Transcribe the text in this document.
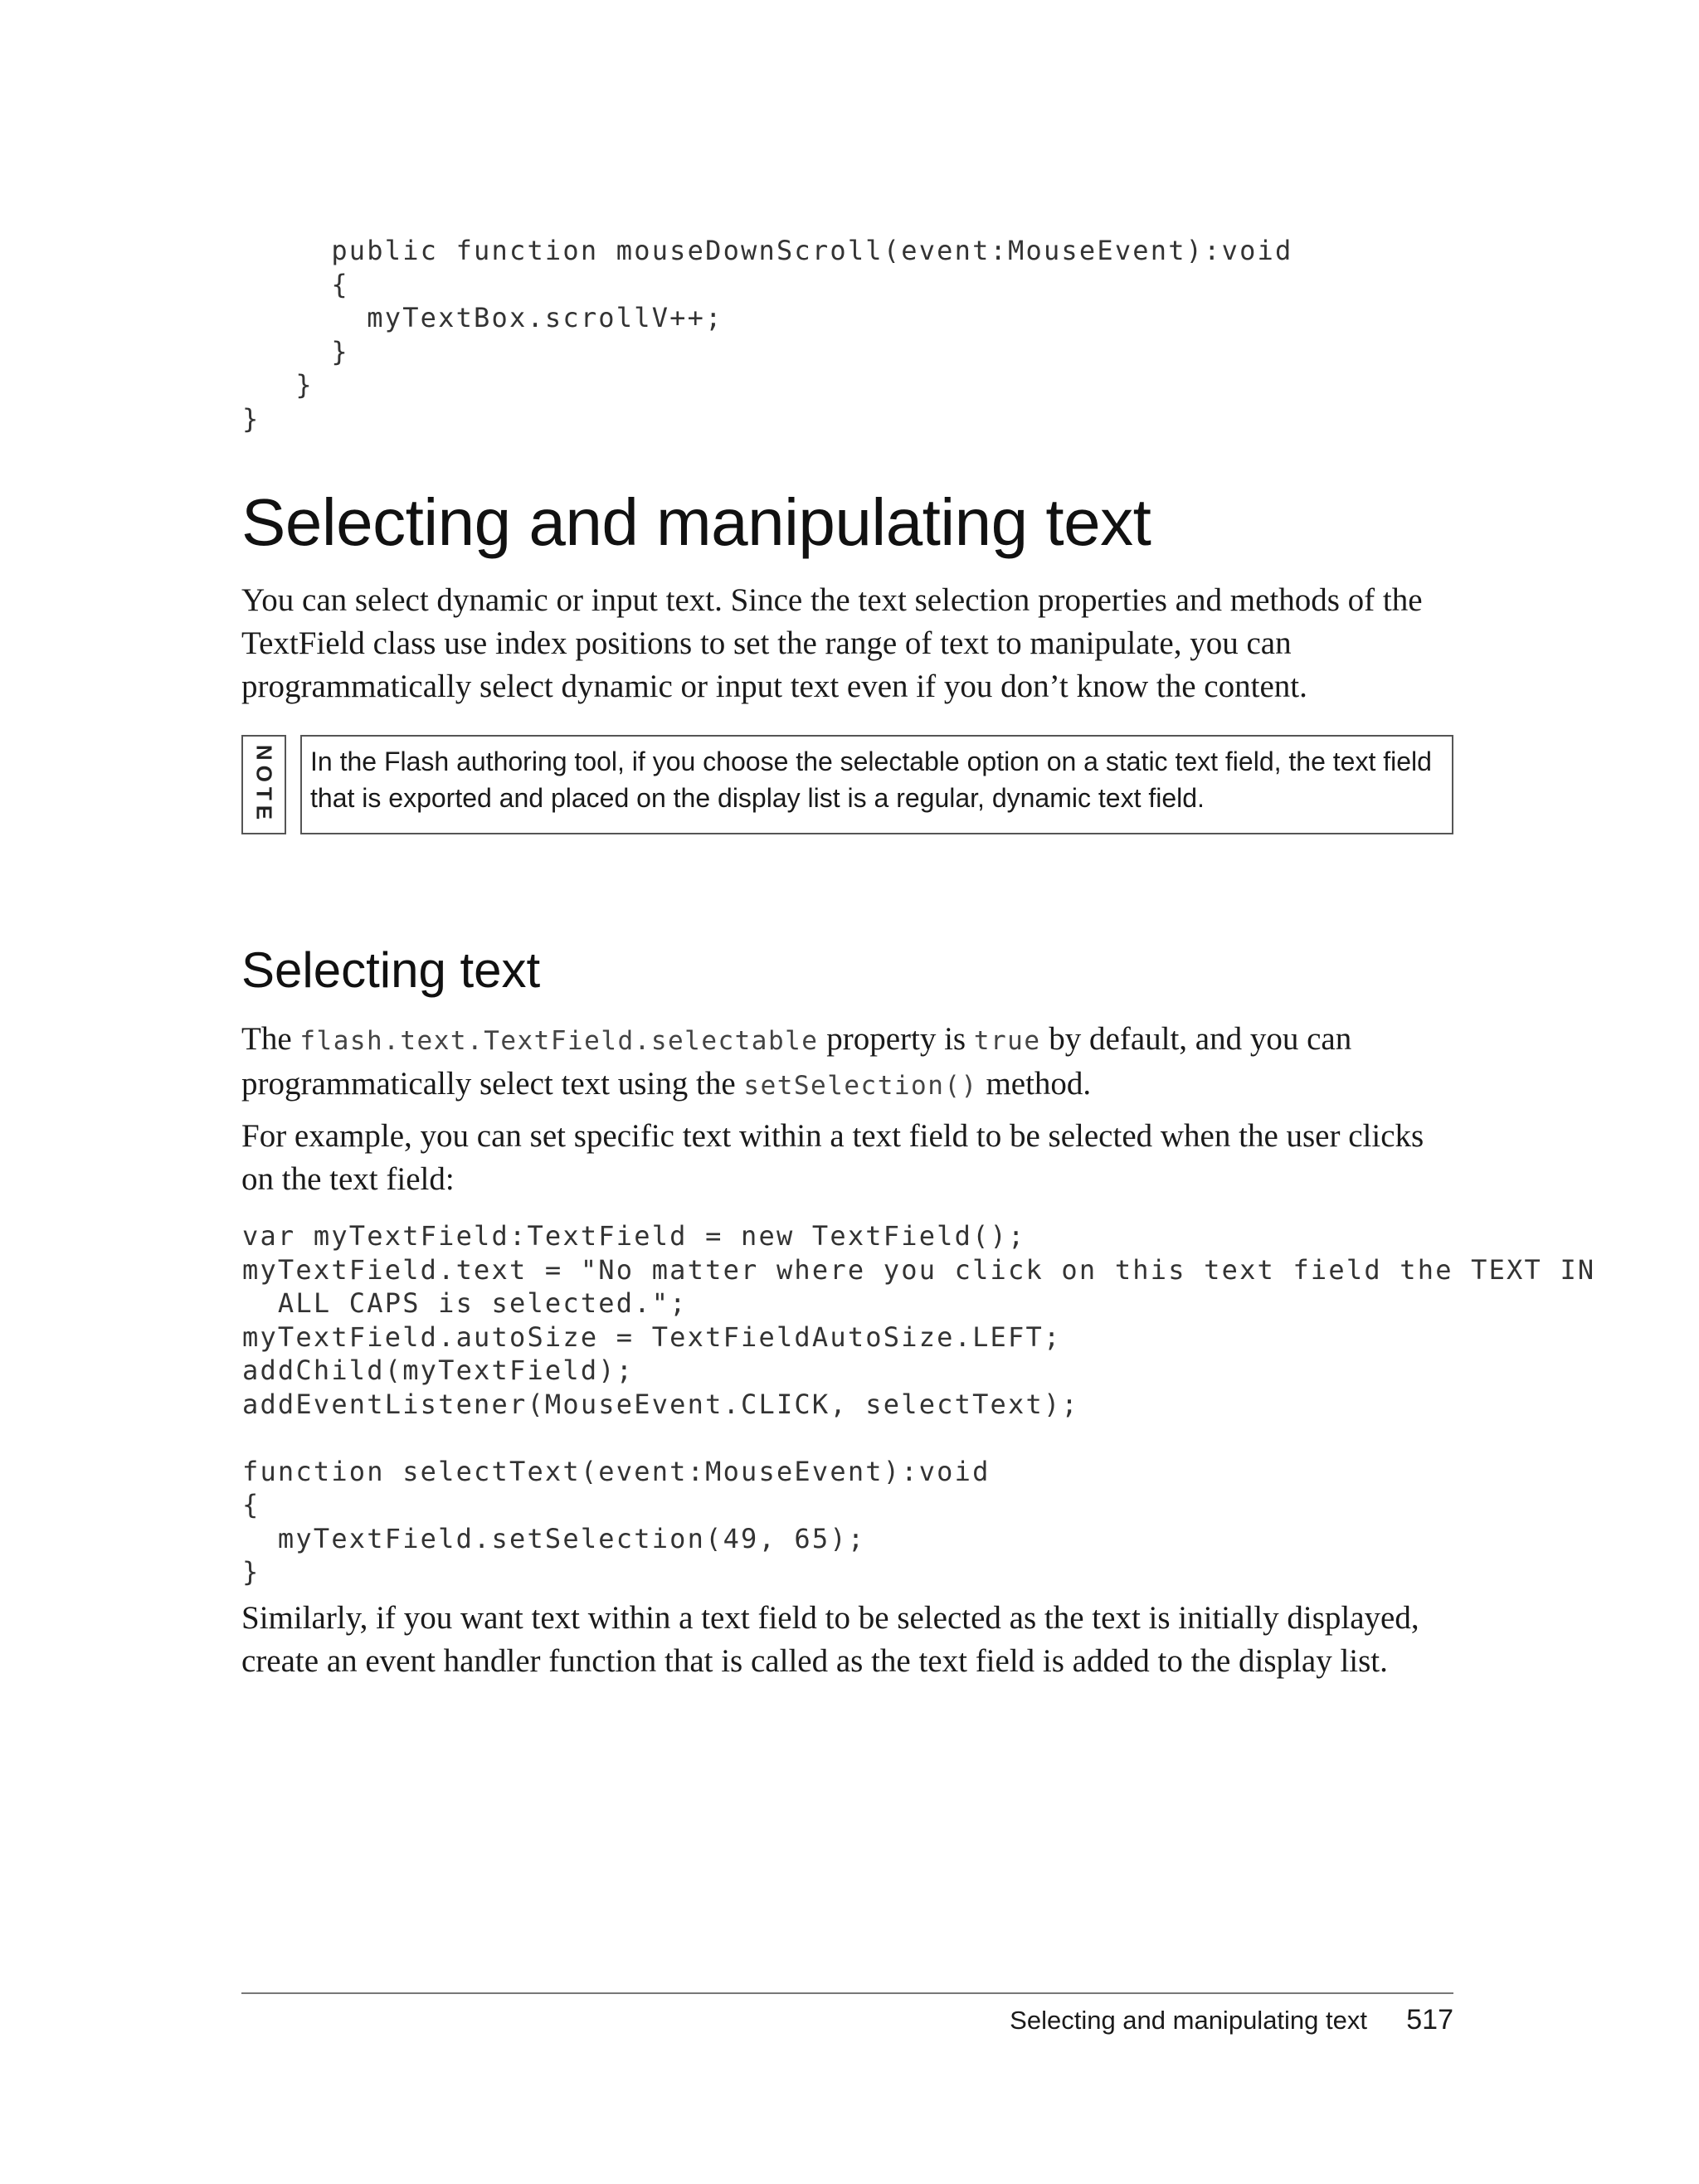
public function mouseDownScroll(event:MouseEvent):void
{
myTextBox.scrollV++;
}
}
}
Selecting and manipulating text

You can select dynamic or input text. Since the text selection properties and methods of the TextField class use index positions to set the range of text to manipulate, you can programmatically select dynamic or input text even if you don’t know the content.

NOTE	In the Flash authoring tool, if you choose the selectable option on a static text field, the text field that is exported and placed on the display list is a regular, dynamic text field.
Selecting text

The flash.text.TextField.selectable property is true by default, and you can programmatically select text using the setSelection() method.

For example, you can set specific text within a text field to be selected when the user clicks on the text field:

var myTextField:TextField = new TextField();
myTextField.text = "No matter where you click on this text field the TEXT IN
ALL CAPS is selected.";
myTextField.autoSize = TextFieldAutoSize.LEFT;
addChild(myTextField);
addEventListener(MouseEvent.CLICK, selectText);
function selectText(event:MouseEvent):void
{
myTextField.setSelection(49, 65);
}

Similarly, if you want text within a text field to be selected as the text is initially displayed, create an event handler function that is called as the text field is added to the display list.

Selecting and manipulating text 517
